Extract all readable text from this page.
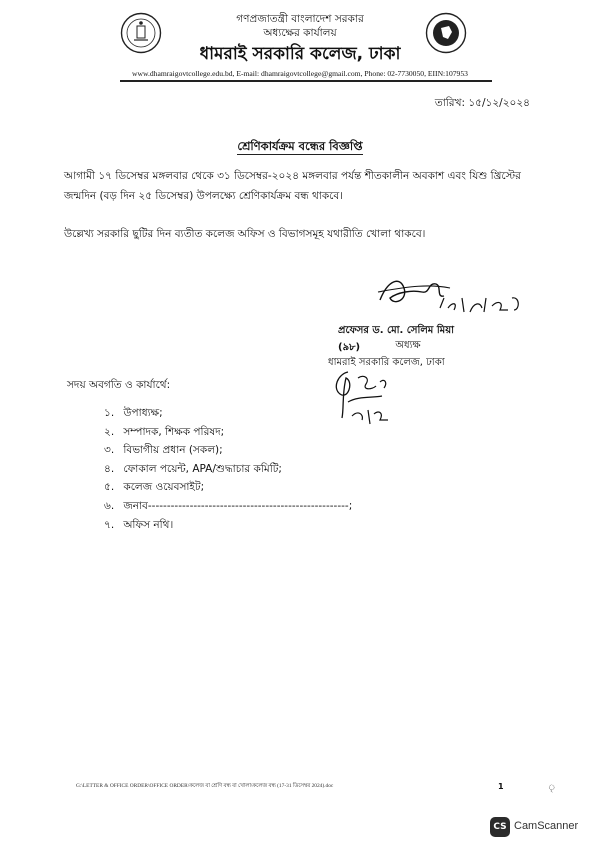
গণপ্রজাতন্ত্রী বাংলাদেশ সরকার
অধ্যক্ষের কার্যালয়
ধামরাই সরকারি কলেজ, ঢাকা
www.dhamraigovtcollege.edu.bd, E-mail: dhamraigovtcollege@gmail.com, Phone: 02-7730050, EIIN:107953
তারিখ: ১৫/১২/২০২৪
শ্রেণিকার্যক্রম বন্ধের বিজ্ঞপ্তি
আগামী ১৭ ডিসেম্বর মঙ্গলবার থেকে ৩১ ডিসেম্বর-২০২৪ মঙ্গলবার পর্যন্ত শীতকালীন অবকাশ এবং যিশু খ্রিস্টের জন্মদিন (বড় দিন ২৫ ডিসেম্বর) উপলক্ষ্যে শ্রেণিকার্যক্রম বন্ধ থাকবে।
উল্লেখ্য সরকারি ছুটির দিন ব্যতীত কলেজ অফিস ও বিভাগসমূহ যথারীতি খোলা থাকবে।
প্রফেসর ড. মো. সেলিম মিয়া (৯৮)	অধ্যক্ষ
ধামরাই সরকারি কলেজ, ঢাকা
সদয় অবগতি ও কার্যার্থে:
১. উপাধ্যক্ষ;
২. সম্পাদক, শিক্ষক পরিষদ;
৩. বিভাগীয় প্রধান (সকল);
৪. ফোকাল পয়েন্ট, APA/শুদ্ধাচার কমিটি;
৫. কলেজ ওয়েবসাইট;
৬. জনাব-----------------------------------------------------;
৭. অফিস নথি।
G:\LETTER & OFFICE ORDER\OFFICE ORDER\কলেজ বা শ্রেণি বন্ধ বা খোলা\কলেজ বন্ধ (17-31 ডিসেম্বর 2024).doc	1	ৃ
CS CamScanner
